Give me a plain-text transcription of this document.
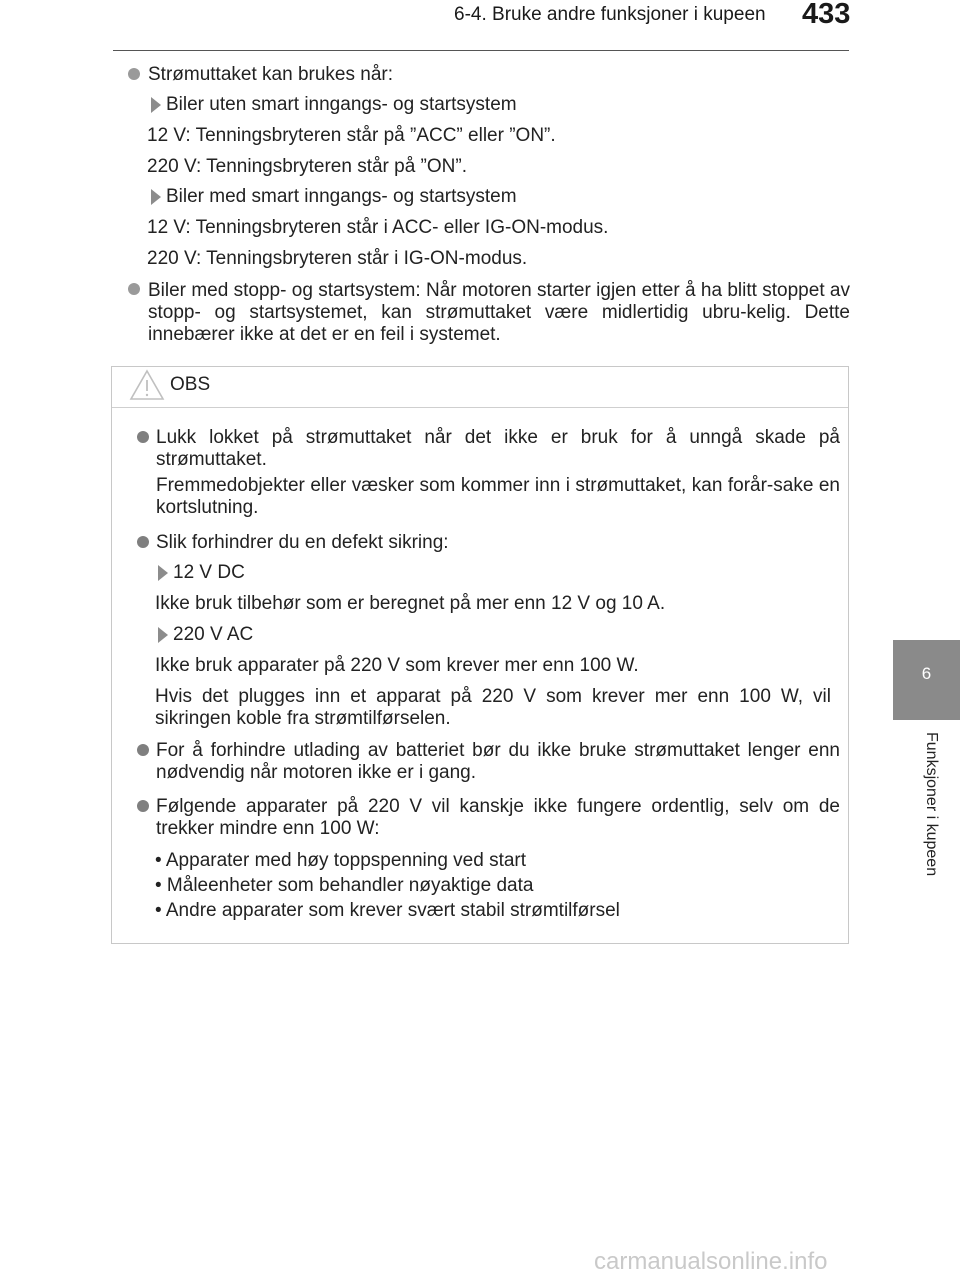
6-4. Bruke andre funksjoner i kupeen 433
6
Funksjoner i kupeen
Strømuttaket kan brukes når:
Biler uten smart inngangs- og startsystem
12 V: Tenningsbryteren står på ”ACC” eller ”ON”.
220 V: Tenningsbryteren står på ”ON”.
Biler med smart inngangs- og startsystem
12 V: Tenningsbryteren står i ACC- eller IG-ON-modus.
220 V: Tenningsbryteren står i IG-ON-modus.
Biler med stopp- og startsystem: Når motoren starter igjen etter å ha blitt stoppet av stopp- og startsystemet, kan strømuttaket være midlertidig ubru-kelig. Dette innebærer ikke at det er en feil i systemet.
OBS
Lukk lokket på strømuttaket når det ikke er bruk for å unngå skade på strømuttaket.
Fremmedobjekter eller væsker som kommer inn i strømuttaket, kan forår-sake en kortslutning.
Slik forhindrer du en defekt sikring:
12 V DC
Ikke bruk tilbehør som er beregnet på mer enn 12 V og 10 A.
220 V AC
Ikke bruk apparater på 220 V som krever mer enn 100 W.
Hvis det plugges inn et apparat på 220 V som krever mer enn 100 W, vil sikringen koble fra strømtilførselen.
For å forhindre utlading av batteriet bør du ikke bruke strømuttaket lenger enn nødvendig når motoren ikke er i gang.
Følgende apparater på 220 V vil kanskje ikke fungere ordentlig, selv om de trekker mindre enn 100 W:
• Apparater med høy toppspenning ved start
• Måleenheter som behandler nøyaktige data
• Andre apparater som krever svært stabil strømtilførsel
carmanualsonline.info
